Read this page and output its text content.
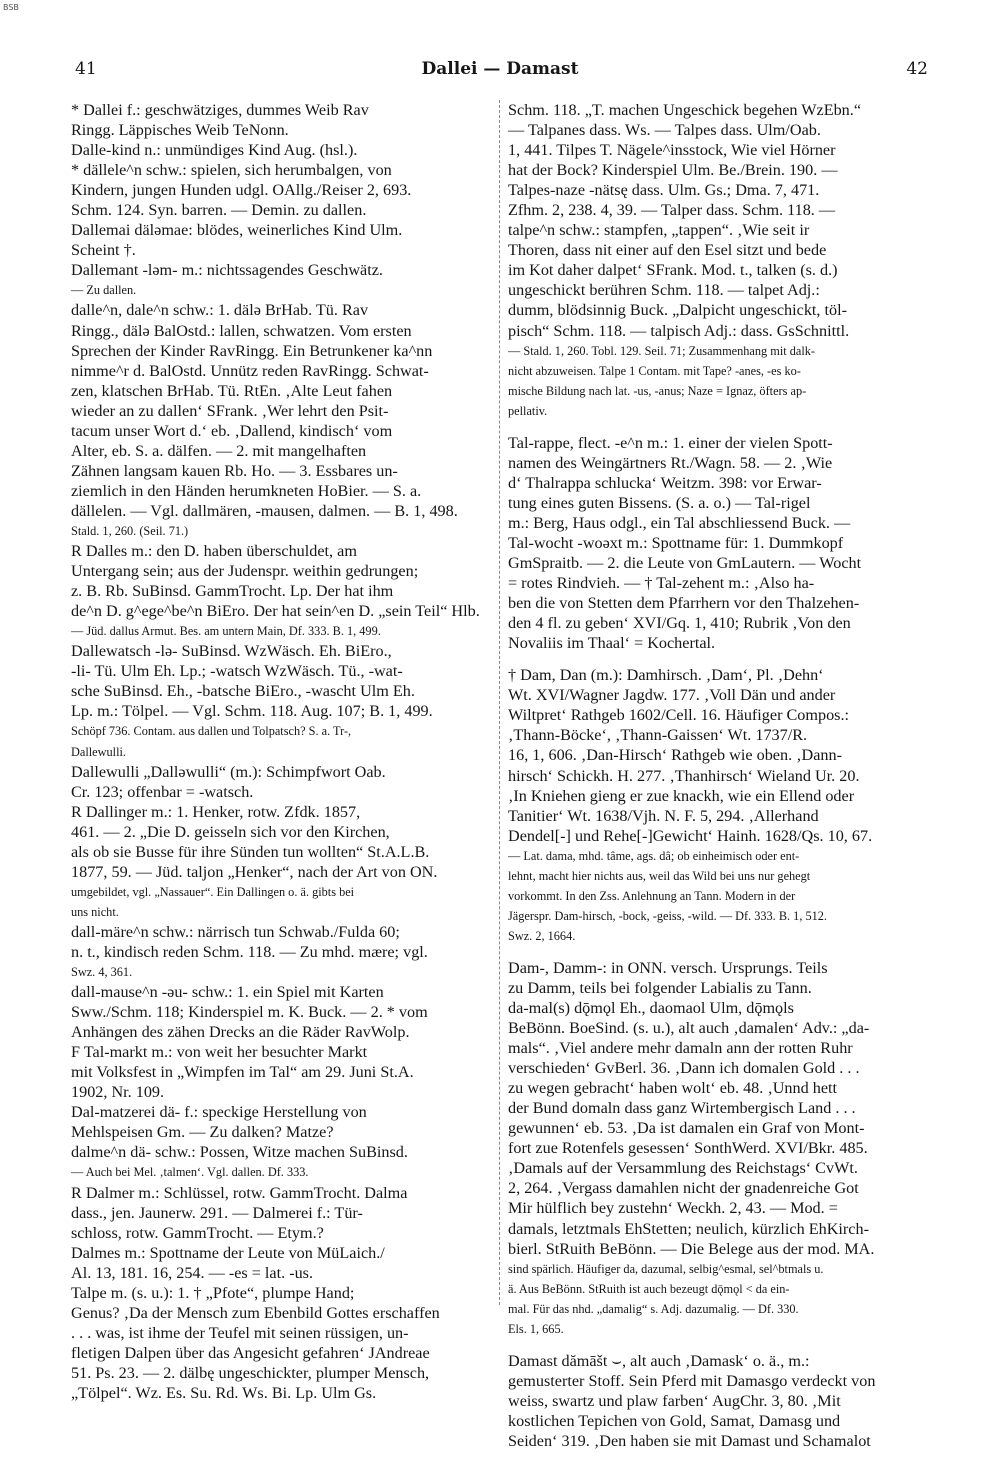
BSB
41	Dallei — Damast	42
* Dallei f.: geschwätziges, dummes Weib Rav
Ringg. Läppisches Weib TeNonn.
Dalle-kind n.: unmündiges Kind Aug. (hsl.).
* dällele^n schw.: spielen, sich herumbalgen, von
Kindern, jungen Hunden udgl. OAllg./Reiser 2, 693.
Schm. 124. Syn. barren. — Demin. zu dallen.
Dallemai däləmae: blödes, weinerliches Kind Ulm.
Scheint †.
Dallemant -ləm- m.: nichtssagendes Geschwätz.
— Zu dallen.
dalle^n, dale^n schw.: 1. dälə BrHab. Tü. Rav
Ringg., dälə BalOstd.: lallen, schwatzen. Vom ersten
Sprechen der Kinder RavRingg. Ein Betrunkener ka^nn
nimme^r d. BalOstd. Unnütz reden RavRingg. Schwat-
zen, klatschen BrHab. Tü. RtEn. ‚Alte Leut fahen
wieder an zu dallen‘ SFrank. ‚Wer lehrt den Psit-
tacum unser Wort d.‘ eb. ‚Dallend, kindisch‘ vom
Alter, eb. S. a. dälfen. — 2. mit mangelhaften
Zähnen langsam kauen Rb. Ho. — 3. Essbares un-
ziemlich in den Händen herumkneten HoBier. — S. a.
dällelen. — Vgl. dallmären, -mausen, dalmen. — B. 1, 498.
Stald. 1, 260. (Seil. 71.)
R Dalles m.: den D. haben überschuldet, am
Untergang sein; aus der Judenspr. weithin gedrungen;
z. B. Rb. SuBinsd. GammTrocht. Lp. Der hat ihm
de^n D. g^ege^be^n BiEro. Der hat sein^en D. „sein Teil“ Hlb.
— Jüd. dallus Armut. Bes. am untern Main, Df. 333. B. 1, 499.
Dallewatsch -lə- SuBinsd. WzWäsch. Eh. BiEro.,
-li- Tü. Ulm Eh. Lp.; -watsch WzWäsch. Tü., -wat-
sche SuBinsd. Eh., -batsche BiEro., -wascht Ulm Eh.
Lp. m.: Tölpel. — Vgl. Schm. 118. Aug. 107; B. 1, 499.
Schöpf 736. Contam. aus dallen und Tolpatsch? S. a. Tr-,
Dallewulli.
Dallewulli „Dallǝwulli“ (m.): Schimpfwort Oab.
Cr. 123; offenbar = -watsch.
R Dallinger m.: 1. Henker, rotw. Zfdk. 1857,
461. — 2. „Die D. geisseln sich vor den Kirchen,
als ob sie Busse für ihre Sünden tun wollten“ St.A.L.B.
1877, 59. — Jüd. taljon „Henker“, nach der Art von ON.
umgebildet, vgl. „Nassauer“. Ein Dallingen o. ä. gibts bei
uns nicht.
dall-märe^n schw.: närrisch tun Schwab./Fulda 60;
n. t., kindisch reden Schm. 118. — Zu mhd. mære; vgl.
Swz. 4, 361.
dall-mause^n -əu- schw.: 1. ein Spiel mit Karten
Sww./Schm. 118; Kinderspiel m. K. Buck. — 2. * vom
Anhängen des zähen Drecks an die Räder RavWolp.
F Tal-markt m.: von weit her besuchter Markt
mit Volksfest in „Wimpfen im Tal“ am 29. Juni St.A.
1902, Nr. 109.
Dal-matzerei dä- f.: speckige Herstellung von
Mehlspeisen Gm. — Zu dalken? Matze?
dalme^n dä- schw.: Possen, Witze machen SuBinsd.
— Auch bei Mel. ‚talmen‘. Vgl. dallen. Df. 333.
R Dalmer m.: Schlüssel, rotw. GammTrocht. Dalma
dass., jen. Jaunerw. 291. — Dalmerei f.: Tür-
schloss, rotw. GammTrocht. — Etym.?
Dalmes m.: Spottname der Leute von MüLaich./
Al. 13, 181. 16, 254. — -es = lat. -us.
Talpe m. (s. u.): 1. † „Pfote“, plumpe Hand;
Genus? ‚Da der Mensch zum Ebenbild Gottes erschaffen
. . . was, ist ihme der Teufel mit seinen rüssigen, un-
fletigen Dalpen über das Angesicht gefahren‘ JAndreae
51. Ps. 23. — 2. dälbę ungeschickter, plumper Mensch,
„Tölpel“. Wz. Es. Su. Rd. Ws. Bi. Lp. Ulm Gs.
Schm. 118. „T. machen Ungeschick begehen WzEbn.“
— Talpanes dass. Ws. — Talpes dass. Ulm/Oab.
1, 441. Tilpes T. Nägele^insstock, Wie viel Hörner
hat der Bock? Kinderspiel Ulm. Be./Brein. 190. —
Talpes-naze -nätsę dass. Ulm. Gs.; Dma. 7, 471.
Zfhm. 2, 238. 4, 39. — Talper dass. Schm. 118. —
talpe^n schw.: stampfen, „tappen“. ‚Wie seit ir
Thoren, dass nit einer auf den Esel sitzt und bede
im Kot daher dalpet‘ SFrank. Mod. t., talken (s. d.)
ungeschickt berühren Schm. 118. — talpet Adj.:
dumm, blödsinnig Buck. „Dalpicht ungeschickt, töl-
pisch“ Schm. 118. — talpisch Adj.: dass. GsSchnittl.
— Stald. 1, 260. Tobl. 129. Seil. 71; Zusammenhang mit dalk-
nicht abzuweisen. Talpe 1 Contam. mit Tape? -anes, -es ko-
mische Bildung nach lat. -us, -anus; Naze = Ignaz, öfters ap-
pellativ.
Tal-rappe, flect. -e^n m.: 1. einer der vielen Spott-
namen des Weingärtners Rt./Wagn. 58. — 2. ‚Wie
d‘ Thalrappa schlucka‘ Weitzm. 398: vor Erwar-
tung eines guten Bissens. (S. a. o.) — Tal-rigel
m.: Berg, Haus odgl., ein Tal abschliessend Buck. —
Tal-wocht -woəxt m.: Spottname für: 1. Dummkopf
GmSpraitb. — 2. die Leute von GmLautern. — Wocht
= rotes Rindvieh. — † Tal-zehent m.: ‚Also ha-
ben die von Stetten dem Pfarrhern vor den Thalzehen-
den 4 fl. zu geben‘ XVI/Gq. 1, 410; Rubrik ‚Von den
Novaliis im Thaal‘ = Kochertal.
† Dam, Dan (m.): Damhirsch. ‚Dam‘, Pl. ‚Dehn‘
Wt. XVI/Wagner Jagdw. 177. ‚Voll Dän und ander
Wiltpret‘ Rathgeb 1602/Cell. 16. Häufiger Compos.:
‚Thann-Böcke‘, ‚Thann-Gaissen‘ Wt. 1737/R.
16, 1, 606. ‚Dan-Hirsch‘ Rathgeb wie oben. ‚Dann-
hirsch‘ Schickh. H. 277. ‚Thanhirsch‘ Wieland Ur. 20.
‚In Kniehen gieng er zue knackh, wie ein Ellend oder
Tanitier‘ Wt. 1638/Vjh. N. F. 5, 294. ‚Allerhand
Dendel[-] und Rehe[-]Gewicht‘ Hainh. 1628/Qs. 10, 67.
— Lat. dama, mhd. tâme, ags. dâ; ob einheimisch oder ent-
lehnt, macht hier nichts aus, weil das Wild bei uns nur gehegt
vorkommt. In den Zss. Anlehnung an Tann. Modern in der
Jägerspr. Dam-hirsch, -bock, -geiss, -wild. — Df. 333. B. 1, 512.
Swz. 2, 1664.
Dam-, Damm-: in ONN. versch. Ursprungs. Teils
zu Damm, teils bei folgender Labialis zu Tann.
da-mal(s) dǭmǫl Eh., daomaol Ulm, dǭmǫls
BeBönn. BoeSind. (s. u.), alt auch ‚damalen‘ Adv.: „da-
mals“. ‚Viel andere mehr damaln ann der rotten Ruhr
verschieden‘ GvBerl. 36. ‚Dann ich domalen Gold . . .
zu wegen gebracht‘ haben wolt‘ eb. 48. ‚Unnd hett
der Bund domaln dass ganz Wirtembergisch Land . . .
gewunnen‘ eb. 53. ‚Da ist damalen ein Graf von Mont-
fort zue Rotenfels gesessen‘ SonthWerd. XVI/Bkr. 485.
‚Damals auf der Versammlung des Reichstags‘ CvWt.
2, 264. ‚Vergass damahlen nicht der gnadenreiche Got
Mir hülflich bey zustehn‘ Weckh. 2, 43. — Mod. =
damals, letztmals EhStetten; neulich, kürzlich EhKirch-
bierl. StRuith BeBönn. — Die Belege aus der mod. MA.
sind spärlich. Häufiger da, dazumal, selbig^esmal, sel^btmals u.
ä. Aus BeBönn. StRuith ist auch bezeugt dǭmǫl < da ein-
mal. Für das nhd. „damalig“ s. Adj. dazumalig. — Df. 330.
Els. 1, 665.
Damast dămāšt ⌣, alt auch ‚Damask‘ o. ä., m.:
gemusterter Stoff. Sein Pferd mit Damasgo verdeckt von
weiss, swartz und plaw farben‘ AugChr. 3, 80. ‚Mit
kostlichen Tepichen von Gold, Samat, Damasg und
Seiden‘ 319. ‚Den haben sie mit Damast und Schamalot
